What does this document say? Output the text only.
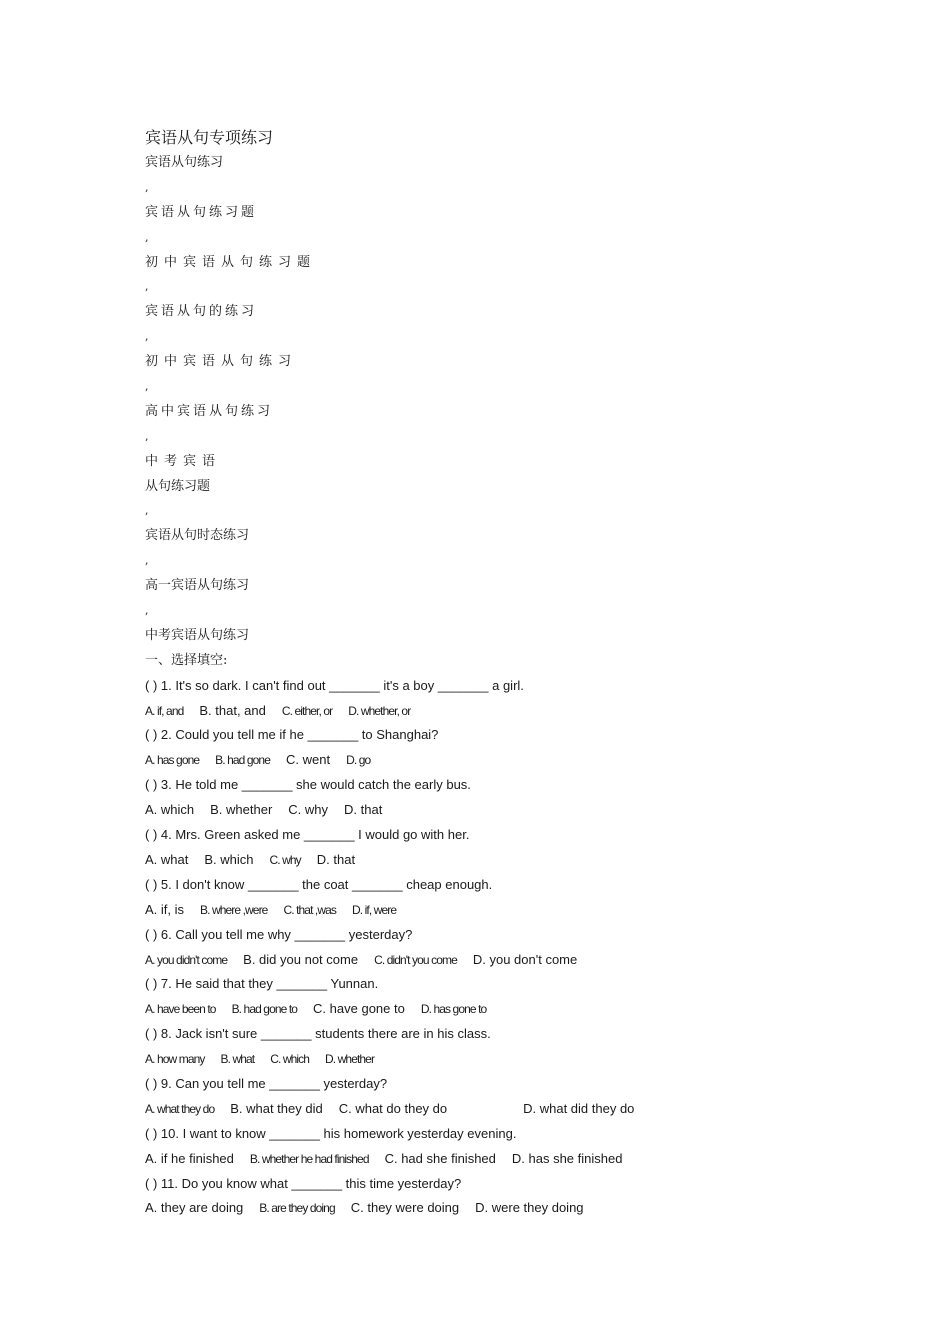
宾语从句专项练习
宾语从句练习
,
宾语从句练习题
,
初中宾语从句练习题
,
宾语从句的练习
,
初中宾语从句练习
,
高中宾语从句练习
,
中考宾语
从句练习题
,
宾语从句时态练习
,
高一宾语从句练习
,
中考宾语从句练习
一、选择填空:
( ) 1. It's so dark. I can't find out _______ it's a boy _______ a girl.
A. if, and B. that, and C. either, or D. whether, or
( ) 2. Could you tell me if he _______ to Shanghai?
A. has gone B. had gone C. went D. go
( ) 3. He told me _______ she would catch the early bus.
A. which B. whether C. why D. that
( ) 4. Mrs. Green asked me _______ I would go with her.
A. what B. which C. why D. that
( ) 5. I don't know _______ the coat _______ cheap enough.
A. if, is B. where ,were C. that ,was D. if, were
( ) 6. Call you tell me why _______ yesterday?
A. you didn't come B. did you not come C. didn't you come D. you don't come
( ) 7. He said that they _______ Yunnan.
A. have been to B. had gone to C. have gone to D. has gone to
( ) 8. Jack isn't sure _______ students there are in his class.
A. how many B. what C. which D. whether
( ) 9. Can you tell me _______ yesterday?
A. what they do B. what they did C. what do they do	D. what did they do
( ) 10. I want to know _______ his homework yesterday evening.
A. if he finished B. whether he had finished C. had she finished D. has she finished
( ) 11. Do you know what _______ this time yesterday?
A. they are doing B. are they doing C. they were doing D. were they doing
